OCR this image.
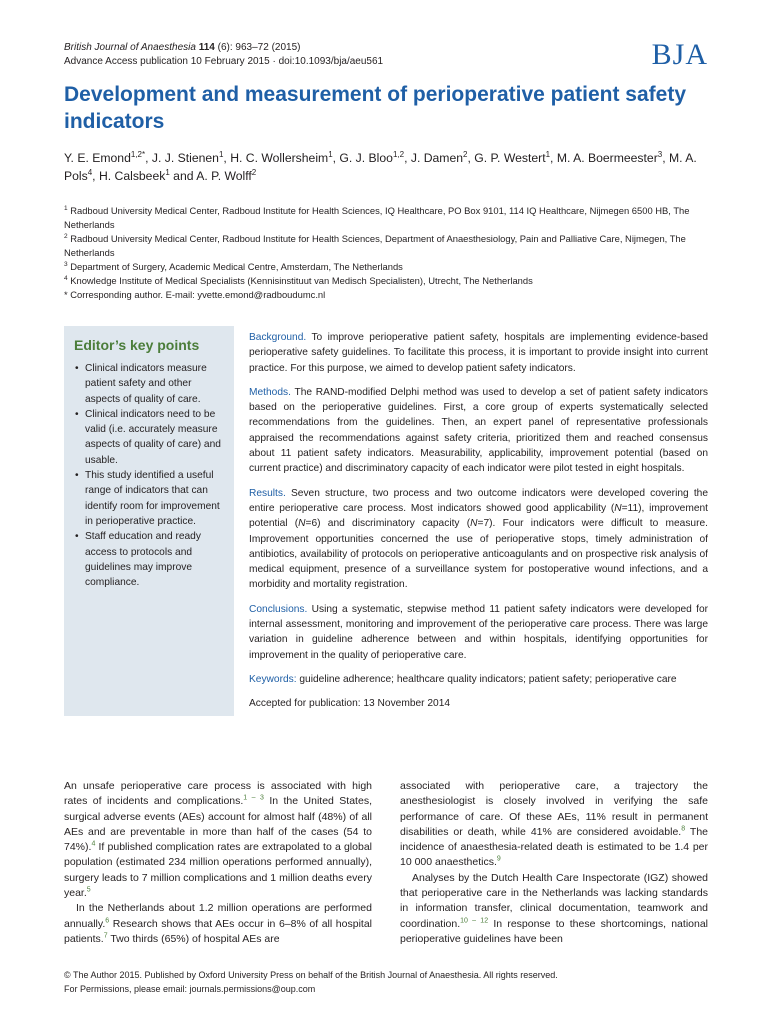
British Journal of Anaesthesia 114 (6): 963–72 (2015)
Advance Access publication 10 February 2015 · doi:10.1093/bja/aeu561	BJA
Development and measurement of perioperative patient safety indicators
Y. E. Emond$^{1,2*}$, J. J. Stienen$^1$, H. C. Wollersheim$^1$, G. J. Bloo$^{1,2}$, J. Damen$^2$, G. P. Westert$^1$, M. A. Boermeester$^3$, M. A. Pols$^4$, H. Calsbeek$^1$ and A. P. Wolff$^2$

$^1$ Radboud University Medical Center, Radboud Institute for Health Sciences, IQ Healthcare, PO Box 9101, 114 IQ Healthcare, Nijmegen 6500 HB, The Netherlands

$^2$ Radboud University Medical Center, Radboud Institute for Health Sciences, Department of Anaesthesiology, Pain and Palliative Care, Nijmegen, The Netherlands

$^3$ Department of Surgery, Academic Medical Centre, Amsterdam, The Netherlands

$^4$ Knowledge Institute of Medical Specialists (Kennisinstituut van Medisch Specialisten), Utrecht, The Netherlands

* Corresponding author. E-mail: yvette.emond@radboudumc.nl

Editor’s key points
• Clinical indicators measure patient safety and other aspects of quality of care.
• Clinical indicators need to be valid (i.e. accurately measure aspects of quality of care) and usable.
• This study identified a useful range of indicators that can identify room for improvement in perioperative practice.
• Staff education and ready access to protocols and guidelines may improve compliance.

Background. To improve perioperative patient safety, hospitals are implementing evidence-based perioperative safety guidelines. To facilitate this process, it is important to provide insight into current practice. For this purpose, we aimed to develop patient safety indicators.

Methods. The RAND-modified Delphi method was used to develop a set of patient safety indicators based on the perioperative guidelines. First, a core group of experts systematically selected recommendations from the guidelines. Then, an expert panel of representative professionals appraised the recommendations against safety criteria, prioritized them and reached consensus about 11 patient safety indicators. Measurability, applicability, improvement potential (based on current practice) and discriminatory capacity of each indicator were pilot tested in eight hospitals.

Results. Seven structure, two process and two outcome indicators were developed covering the entire perioperative care process. Most indicators showed good applicability (N=11), improvement potential (N=6) and discriminatory capacity (N=7). Four indicators were difficult to measure. Improvement opportunities concerned the use of perioperative stops, timely administration of antibiotics, availability of protocols on perioperative anticoagulants and on prospective risk analysis of medical equipment, presence of a surveillance system for postoperative wound infections, and a morbidity and mortality registration.

Conclusions. Using a systematic, stepwise method 11 patient safety indicators were developed for internal assessment, monitoring and improvement of the perioperative care process. There was large variation in guideline adherence between and within hospitals, identifying opportunities for improvement in the quality of perioperative care.

Keywords: guideline adherence; healthcare quality indicators; patient safety; perioperative care

Accepted for publication: 13 November 2014

An unsafe perioperative care process is associated with high rates of incidents and complications.$^{1 - 3}$ In the United States, surgical adverse events (AEs) account for almost half (48%) of all AEs and are preventable in more than half of the cases (54 to 74%).$^4$ If published complication rates are extrapolated to a global population (estimated 234 million operations performed annually), surgery leads to 7 million complications and 1 million deaths every year.$^5$

In the Netherlands about 1.2 million operations are performed annually.$^6$ Research shows that AEs occur in 6–8% of all hospital patients.$^7$ Two thirds (65%) of hospital AEs are

associated with perioperative care, a trajectory the anesthesiologist is closely involved in verifying the safe performance of care. Of these AEs, 11% result in permanent disabilities or death, while 41% are considered avoidable.$^8$ The incidence of anaesthesia-related death is estimated to be 1.4 per 10 000 anaesthetics.$^9$

Analyses by the Dutch Health Care Inspectorate (IGZ) showed that perioperative care in the Netherlands was lacking standards in information transfer, clinical documentation, teamwork and coordination.$^{10 - 12}$ In response to these shortcomings, national perioperative guidelines have been

© The Author 2015. Published by Oxford University Press on behalf of the British Journal of Anaesthesia. All rights reserved.

For Permissions, please email: journals.permissions@oup.com
